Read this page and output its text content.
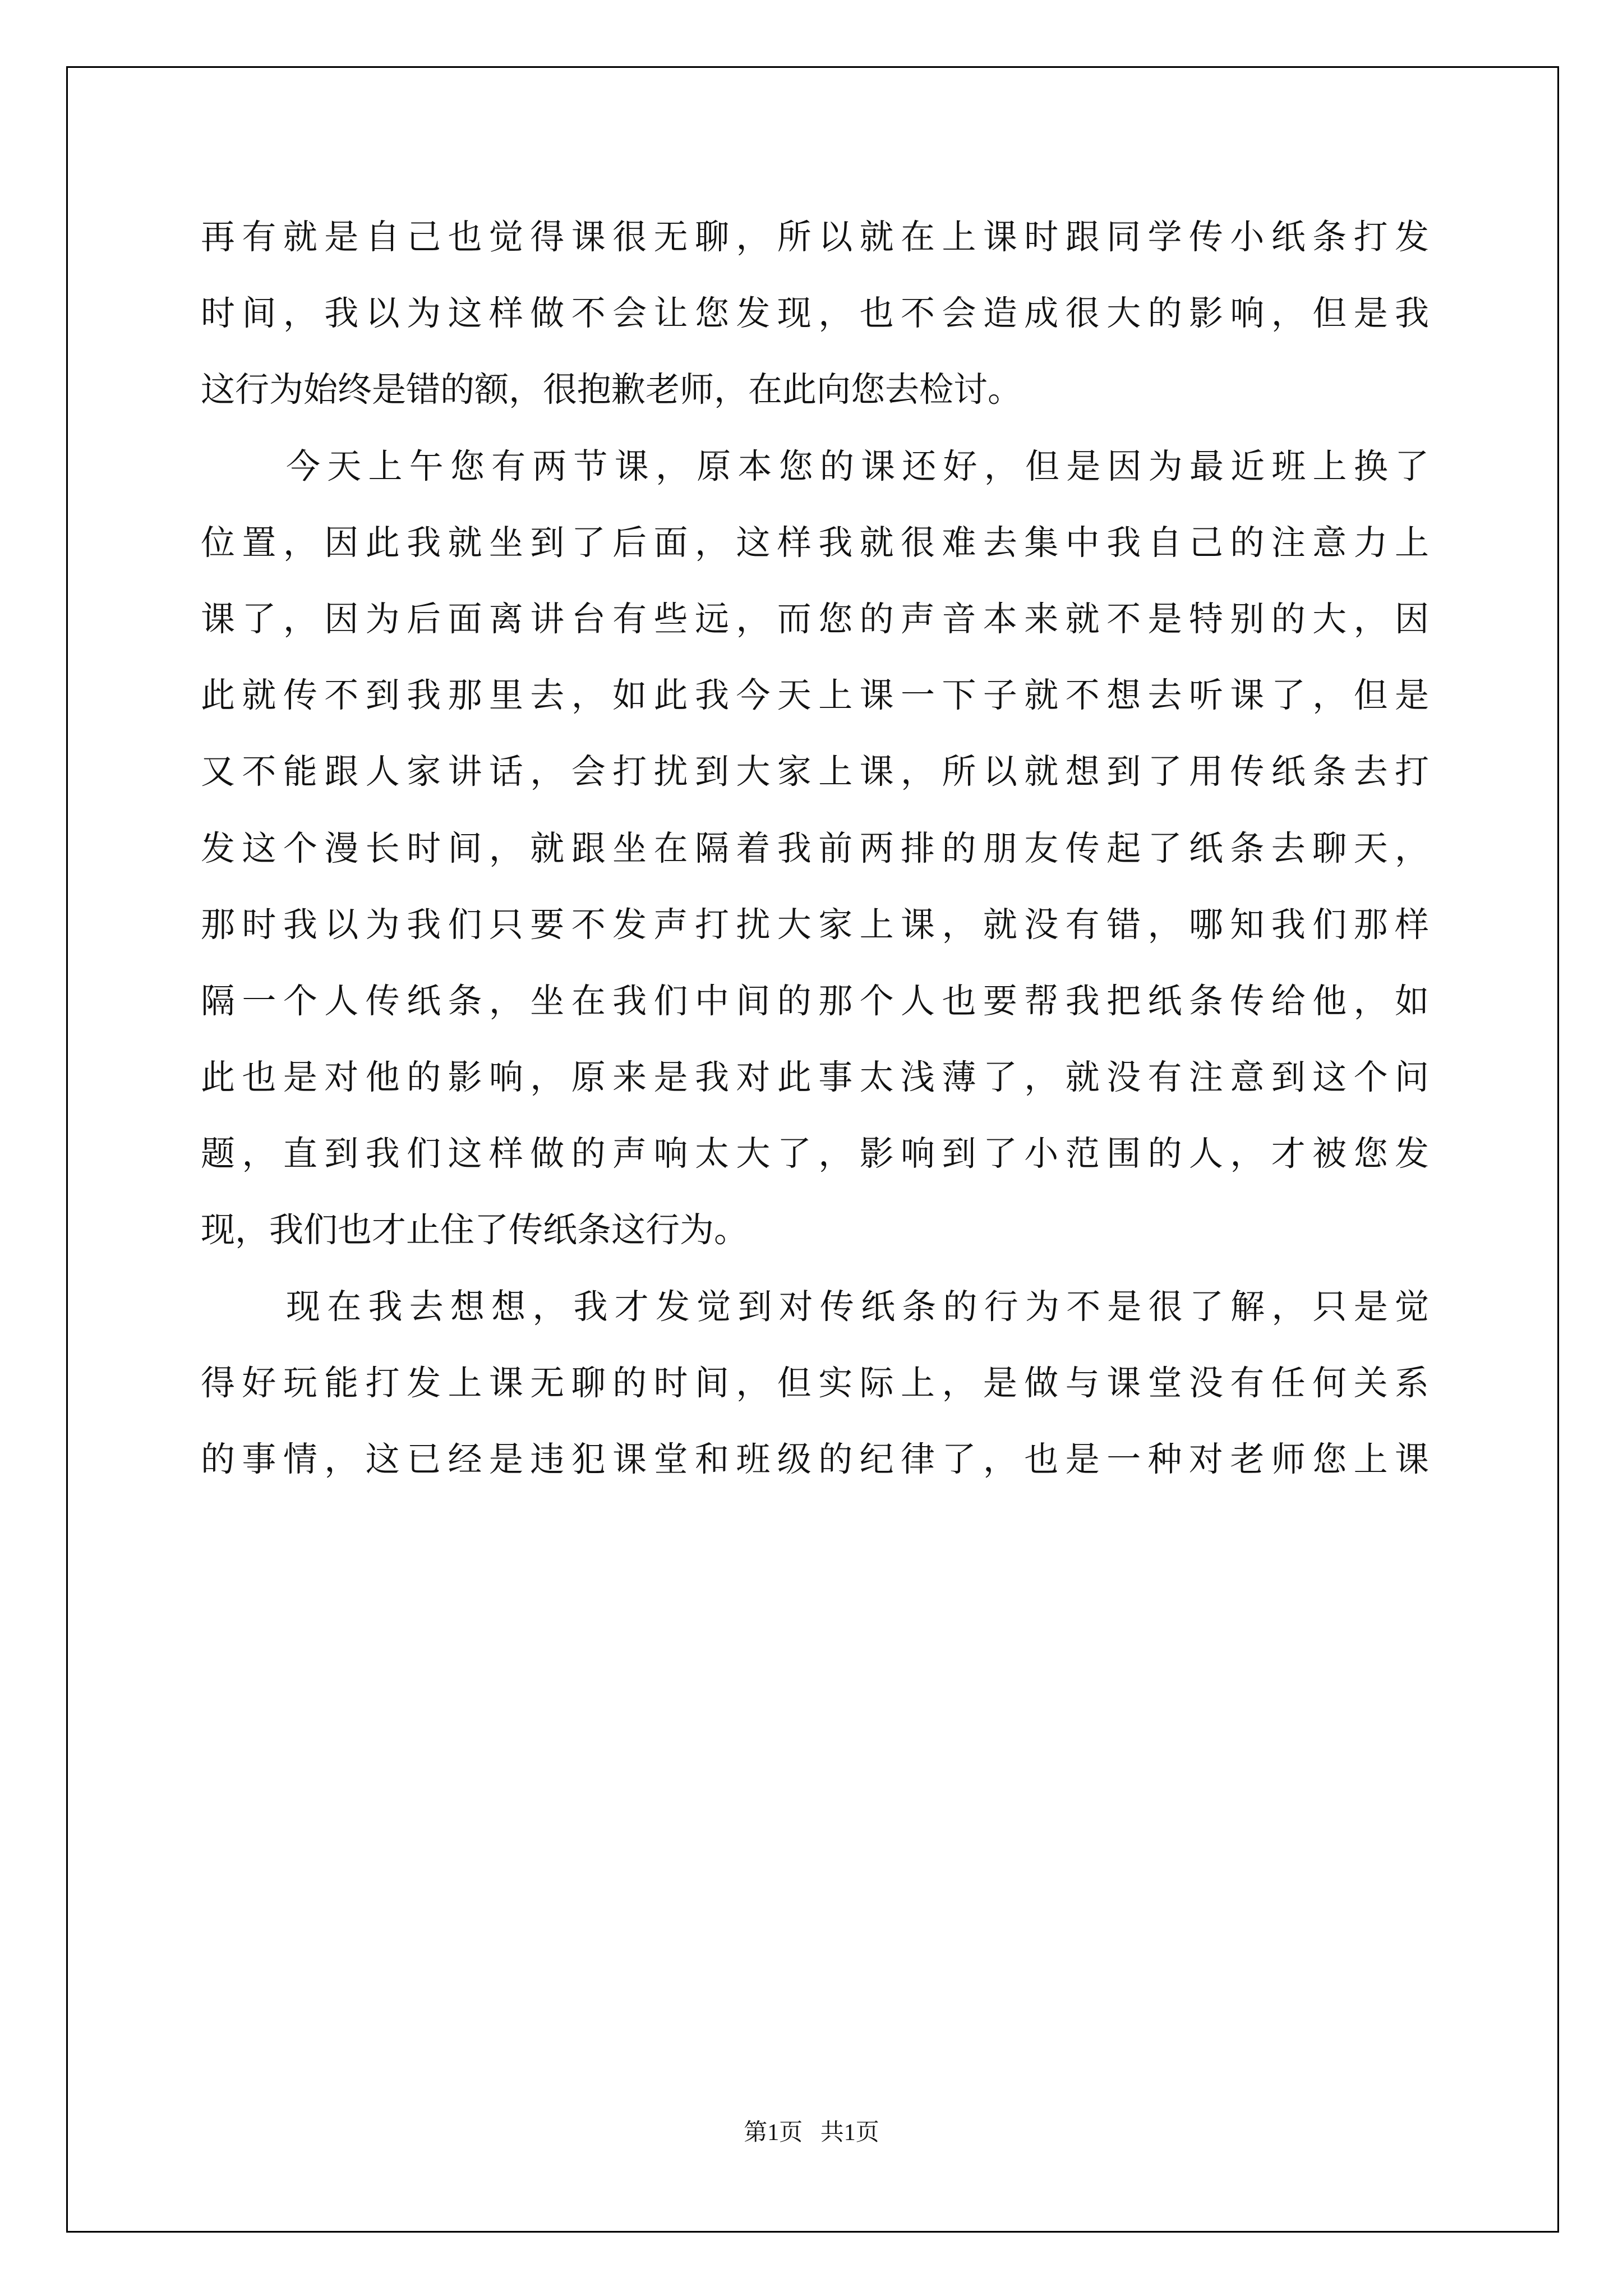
再有就是自己也觉得课很无聊，所以就在上课时跟同学传小纸条打发
时间，我以为这样做不会让您发现，也不会造成很大的影响，但是我
这行为始终是错的额，很抱歉老师，在此向您去检讨。
今天上午您有两节课，原本您的课还好，但是因为最近班上换了
位置，因此我就坐到了后面，这样我就很难去集中我自己的注意力上
课了，因为后面离讲台有些远，而您的声音本来就不是特别的大，因
此就传不到我那里去，如此我今天上课一下子就不想去听课了，但是
又不能跟人家讲话，会打扰到大家上课，所以就想到了用传纸条去打
发这个漫长时间，就跟坐在隔着我前两排的朋友传起了纸条去聊天，
那时我以为我们只要不发声打扰大家上课，就没有错，哪知我们那样
隔一个人传纸条，坐在我们中间的那个人也要帮我把纸条传给他，如
此也是对他的影响，原来是我对此事太浅薄了，就没有注意到这个问
题，直到我们这样做的声响太大了，影响到了小范围的人，才被您发
现，我们也才止住了传纸条这行为。
现在我去想想，我才发觉到对传纸条的行为不是很了解，只是觉
得好玩能打发上课无聊的时间，但实际上，是做与课堂没有任何关系
的事情，这已经是违犯课堂和班级的纪律了，也是一种对老师您上课
第1页   共1页
